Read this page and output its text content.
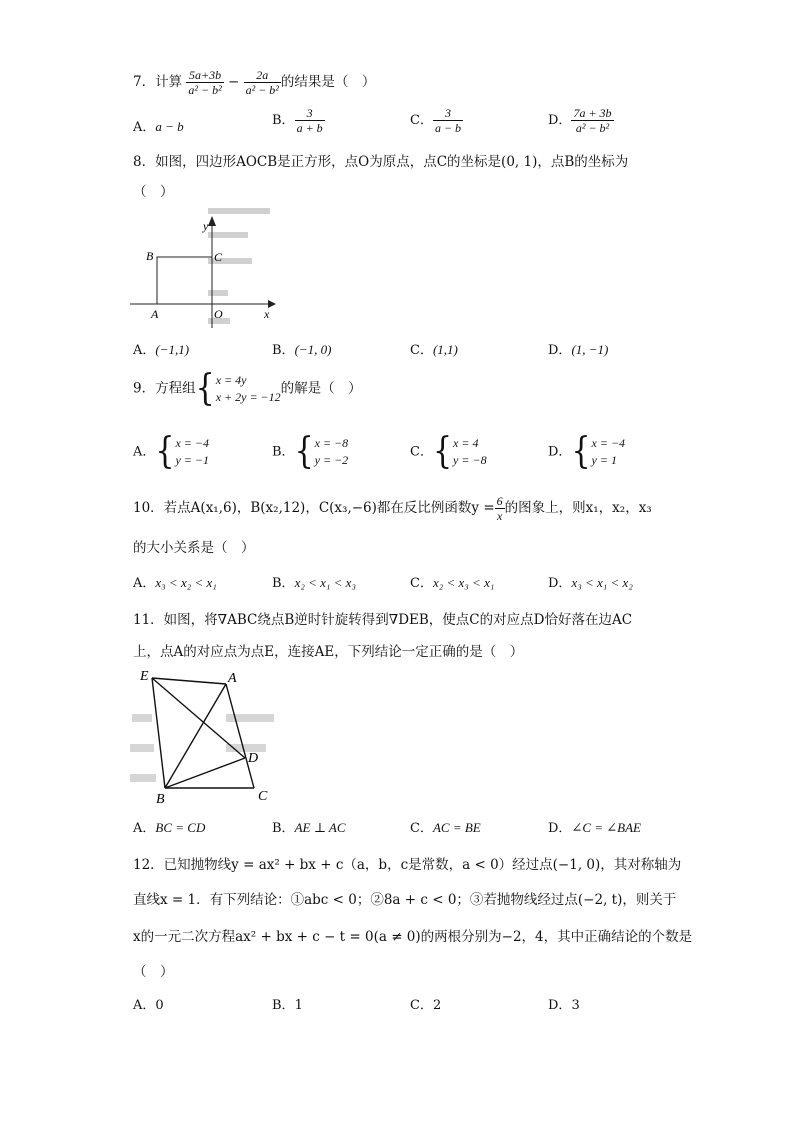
7．计算 $\frac{5a+3b}{\text{a² − b²}} - \frac{2a}{\text{a² − b²}}$ 的结果是（　）
A．a − b	B． $\frac{3}{a + b}$	C． $\frac{3}{a - b}$	D． $\frac{7a + 3b}{\text{a² − b²}}$
8．如图，四边形AOCB是正方形，点O为原点，点C的坐标是(0, 1)，点B的坐标为
（　）
y
x
B	C
A	O
A．(−1,1)	B．(−1, 0)	C．(1,1)	D．(1, −1)
9．方程组{ x = 4y
x + 2y = −12
的解是（　）
A．{ x = −4
y = −1
B．{ x = −8
y = −2
C．{ x = 4
y = −8
D．{ x = −4
y = 1
10．若点A(x₁,6)，B(x₂,12)，C(x₃,−6)都在反比例函数$y = \frac{6}{x}$ 的图象上，则x₁，x₂，x₃
的大小关系是（　）
A．x₃ < x₂ < x₁	B．x₂ < x₁ < x₃	C．x₂ < x₃ < x₁	D．x₃ < x₁ < x₂
11．如图，将∇ABC绕点B逆时针旋转得到∇DEB，使点C的对应点D恰好落在边AC
上，点A的对应点为点E，连接AE，下列结论一定正确的是（　）
E	A
D
B	C
A．BC = CD	B．AE ⊥ AC	C．AC = BE	D．∠C = ∠BAE
12．已知抛物线y = ax² + bx + c（a，b，c是常数，a < 0）经过点(−1, 0)，其对称轴为
直线x = 1．有下列结论：①abc < 0；②8a + c < 0；③若抛物线经过点(−2, t)，则关于
x的一元二次方程ax² + bx + c − t = 0(a ≠ 0)的两根分别为−2，4，其中正确结论的个数是
（　）
A．0	B．1	C．2	D．3
